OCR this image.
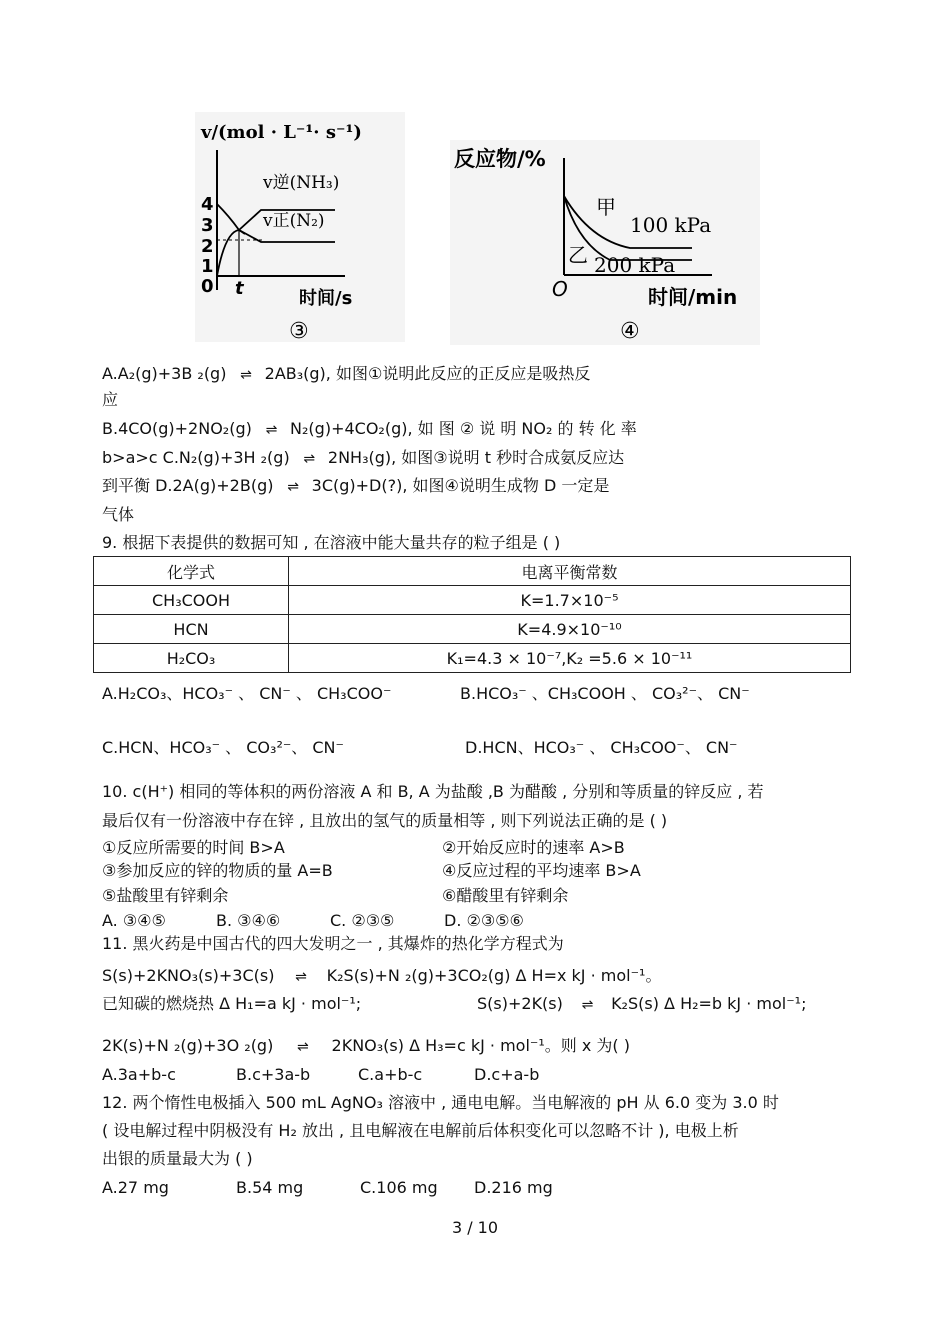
v/(mol · L⁻¹· s⁻¹)
4
3
2
1
0 t
v逆(NH₃)
v正(N₂)
时间/s
③
反应物/%
O
甲
100 kPa
乙 200 kPa
时间/min
④
A.A₂(g)+3B ₂(g) ⇌ 2AB₃(g), 如图①说明此反应的正反应是吸热反
应
B.4CO(g)+2NO₂(g) ⇌ N₂(g)+4CO₂(g), 如 图 ② 说 明 NO₂ 的 转 化 率
b>a>c C.N₂(g)+3H ₂(g) ⇌ 2NH₃(g), 如图③说明 t 秒时合成氨反应达
到平衡 D.2A(g)+2B(g) ⇌ 3C(g)+D(?), 如图④说明生成物 D 一定是
气体
9. 根据下表提供的数据可知 , 在溶液中能大量共存的粒子组是 ( )
化学式	电离平衡常数
CH₃COOH	K=1.7×10⁻⁵
HCN	K=4.9×10⁻¹⁰
H₂CO₃	K₁=4.3 × 10⁻⁷,K₂ =5.6 × 10⁻¹¹
A.H₂CO₃、HCO₃⁻ 、 CN⁻ 、 CH₃COO⁻	B.HCO₃⁻ 、CH₃COOH 、 CO₃²⁻、 CN⁻
C.HCN、HCO₃⁻ 、 CO₃²⁻、 CN⁻	D.HCN、HCO₃⁻ 、 CH₃COO⁻、 CN⁻
10. c(H⁺) 相同的等体积的两份溶液 A 和 B, A 为盐酸 ,B 为醋酸 , 分别和等质量的锌反应 , 若
最后仅有一份溶液中存在锌 , 且放出的氢气的质量相等 , 则下列说法正确的是 ( )
①反应所需要的时间 B>A	②开始反应时的速率 A>B
③参加反应的锌的物质的量 A=B	④反应过程的平均速率 B>A
⑤盐酸里有锌剩余	⑥醋酸里有锌剩余
A. ③④⑤	B. ③④⑥	C. ②③⑤	D. ②③⑤⑥
11. 黑火药是中国古代的四大发明之一 , 其爆炸的热化学方程式为
S(s)+2KNO₃(s)+3C(s) ⇌ K₂S(s)+N ₂(g)+3CO₂(g) Δ H=x kJ · mol⁻¹。
已知碳的燃烧热 Δ H₁=a kJ · mol⁻¹;	S(s)+2K(s) ⇌ K₂S(s) Δ H₂=b kJ · mol⁻¹;
2K(s)+N ₂(g)+3O ₂(g) ⇌ 2KNO₃(s) Δ H₃=c kJ · mol⁻¹。则 x 为( )
A.3a+b-c	B.c+3a-b	C.a+b-c	D.c+a-b
12. 两个惰性电极插入 500 mL AgNO₃ 溶液中 , 通电电解。当电解液的 pH 从 6.0 变为 3.0 时
( 设电解过程中阴极没有 H₂ 放出 , 且电解液在电解前后体积变化可以忽略不计 ), 电极上析
出银的质量最大为 ( )
A.27 mg	B.54 mg	C.106 mg D.216 mg
3 / 10
